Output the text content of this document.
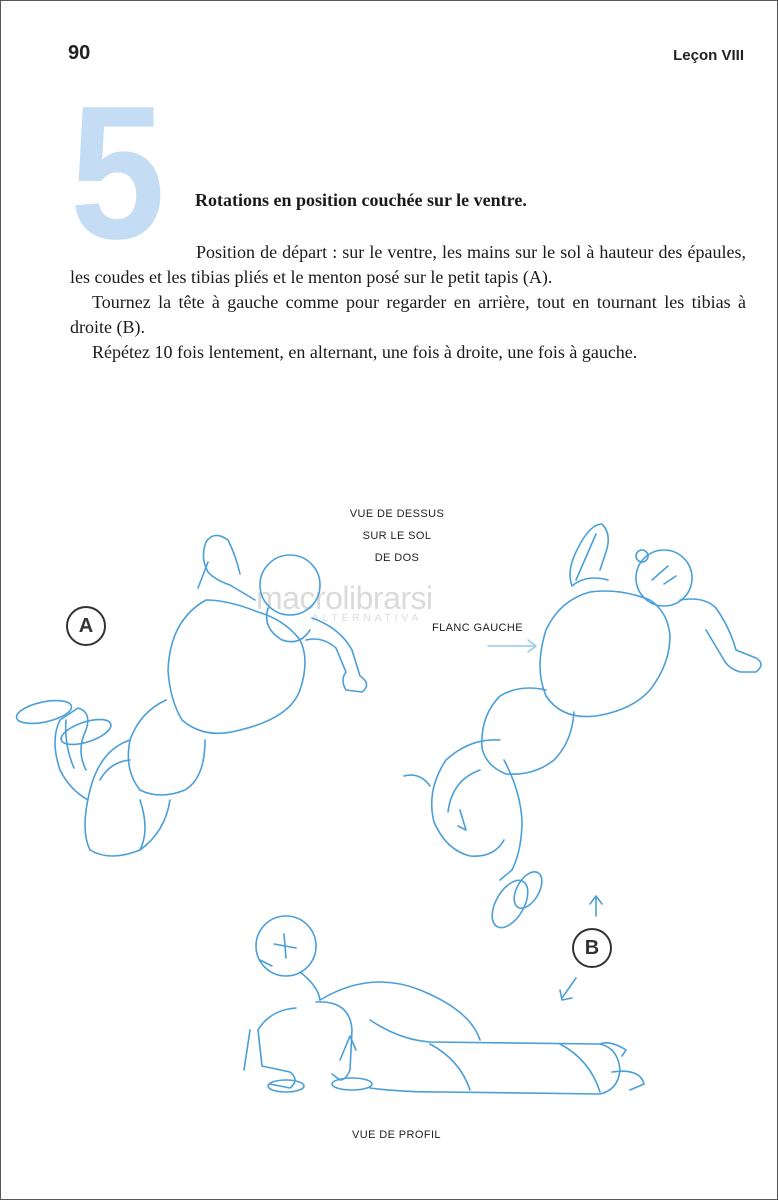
90	Leçon VIII
5 Rotations en position couchée sur le ventre.

Position de départ : sur le ventre, les mains sur le sol à hauteur des épaules, les coudes et les tibias pliés et le menton posé sur le petit tapis (A).

Tournez la tête à gauche comme pour regarder en arrière, tout en tournant les tibias à droite (B).

Répétez 10 fois lentement, en alternant, une fois à droite, une fois à gauche.

macrolibrarsi
ALTERNATIVA
VUE DE DESSUS
SUR LE SOL
DE DOS
FLANC GAUCHE
VUE DE PROFIL
A
B
